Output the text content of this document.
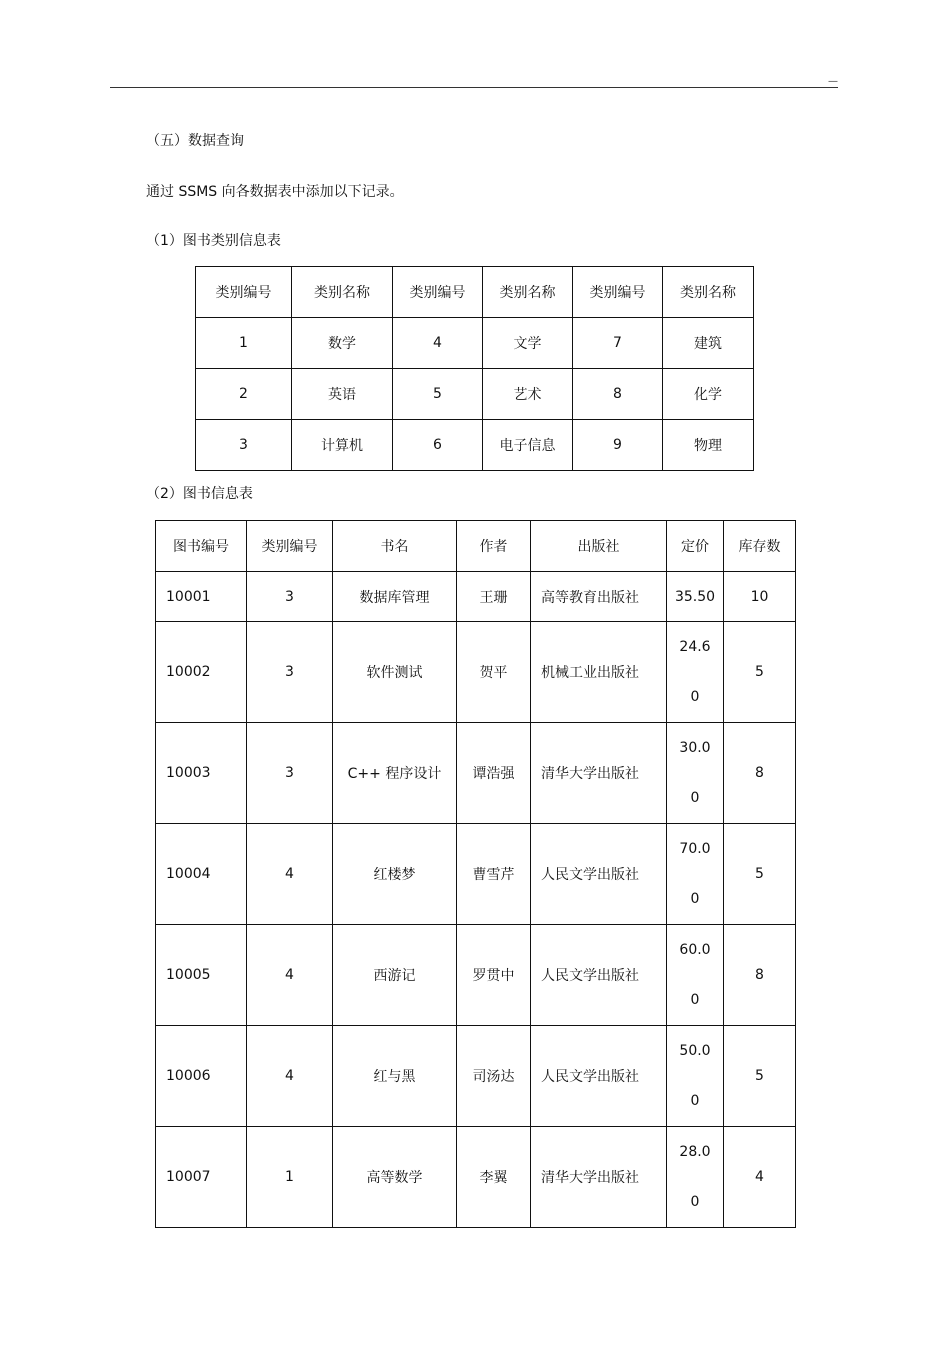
—
（五）数据查询
通过 SSMS 向各数据表中添加以下记录。
（1）图书类别信息表
类别编号	类别名称	类别编号	类别名称	类别编号	类别名称
1	数学	4	文学	7	建筑
2	英语	5	艺术	8	化学
3	计算机	6	电子信息	9	物理
（2）图书信息表
图书编号	类别编号	书名	作者	出版社	定价	库存数
10001	3	数据库管理	王珊	高等教育出版社	35.50	10
10002	3	软件测试	贺平	机械工业出版社	24.60	5
10003	3	C++ 程序设计	谭浩强	清华大学出版社	30.00	8
10004	4	红楼梦	曹雪芹	人民文学出版社	70.00	5
10005	4	西游记	罗贯中	人民文学出版社	60.00	8
10006	4	红与黑	司汤达	人民文学出版社	50.00	5
10007	1	高等数学	李翼	清华大学出版社	28.00	4
